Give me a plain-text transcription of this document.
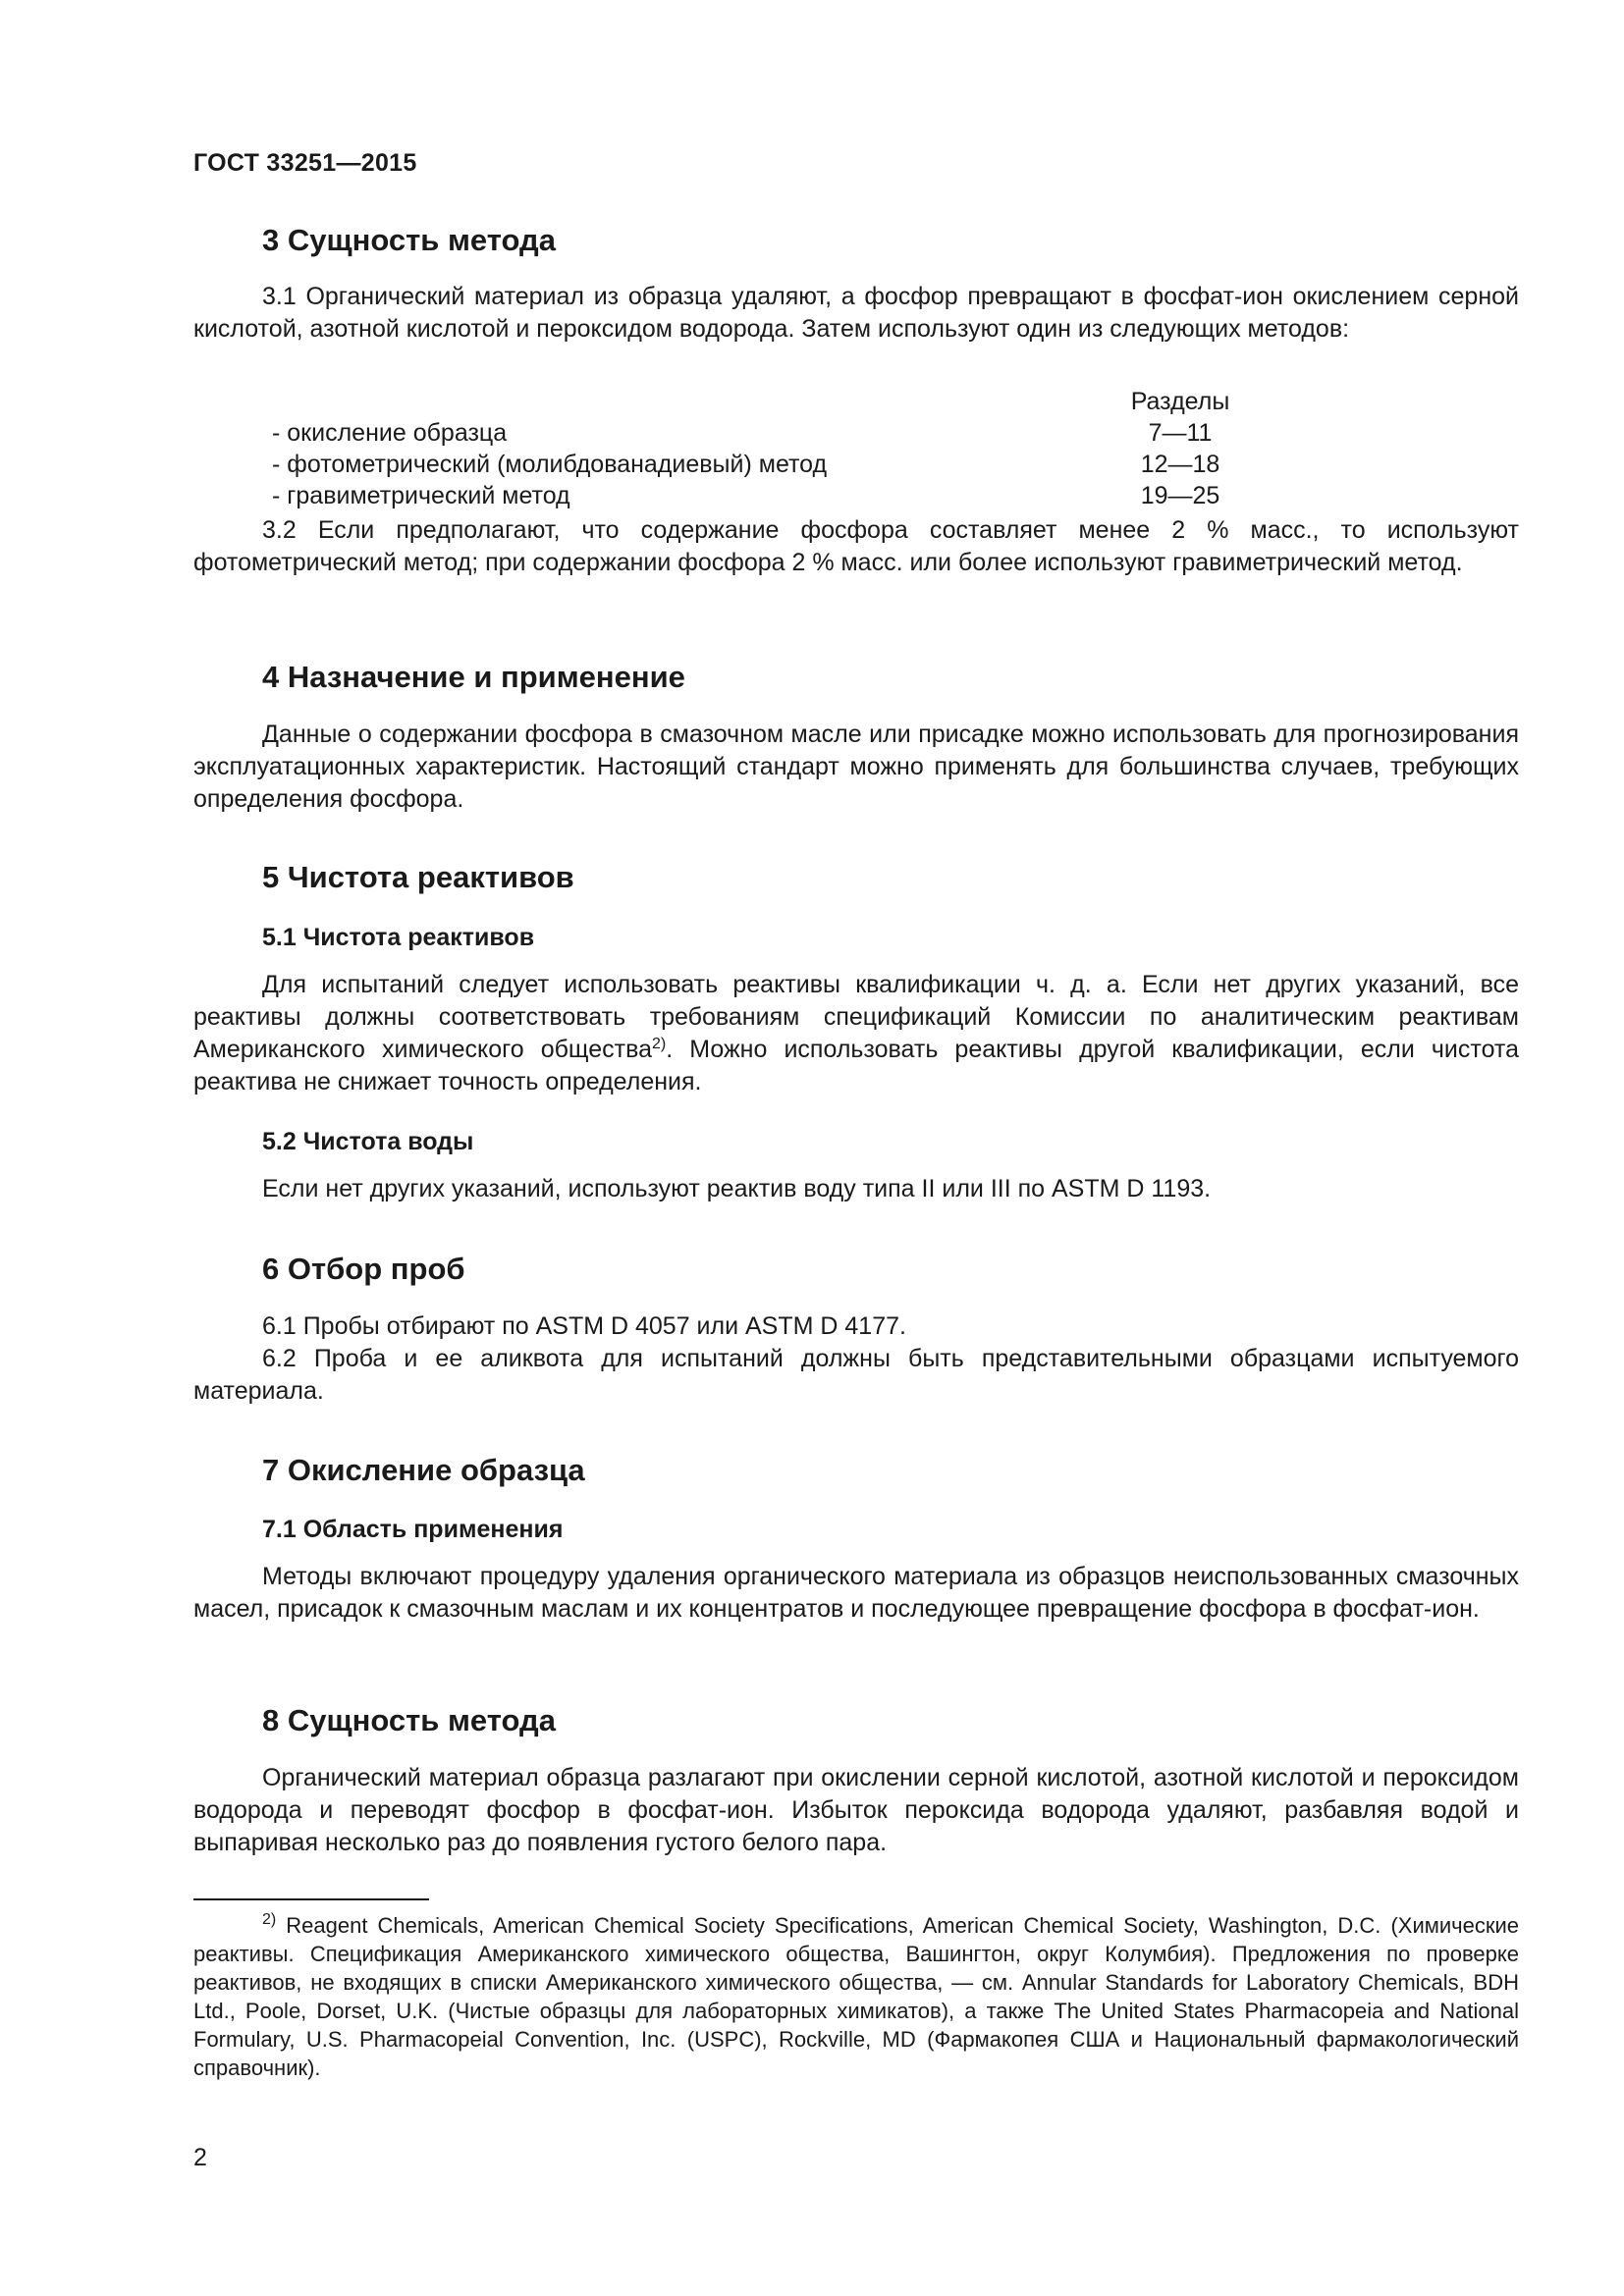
ГОСТ 33251—2015
3 Сущность метода

3.1 Органический материал из образца удаляют, а фосфор превращают в фосфат-ион окислением серной кислотой, азотной кислотой и пероксидом водорода. Затем используют один из следующих методов:

Разделы
- окисление образца	7—11
- фотометрический (молибдованадиевый) метод	12—18
- гравиметрический метод	19—25

3.2 Если предполагают, что содержание фосфора составляет менее 2 % масс., то используют фотометрический метод; при содержании фосфора 2 % масс. или более используют гравиметрический метод.

4 Назначение и применение

Данные о содержании фосфора в смазочном масле или присадке можно использовать для прогнозирования эксплуатационных характеристик. Настоящий стандарт можно применять для большинства случаев, требующих определения фосфора.

5 Чистота реактивов
5.1 Чистота реактивов

Для испытаний следует использовать реактивы квалификации ч. д. а. Если нет других указаний, все реактивы должны соответствовать требованиям спецификаций Комиссии по аналитическим реактивам Американского химического общества$^{2)}$. Можно использовать реактивы другой квалификации, если чистота реактива не снижает точность определения.

5.2 Чистота воды

Если нет других указаний, используют реактив воду типа II или III по ASTM D 1193.

6 Отбор проб

6.1 Пробы отбирают по ASTM D 4057 или ASTM D 4177.

6.2 Проба и ее аликвота для испытаний должны быть представительными образцами испытуемого материала.

7 Окисление образца
7.1 Область применения

Методы включают процедуру удаления органического материала из образцов неиспользованных смазочных масел, присадок к смазочным маслам и их концентратов и последующее превращение фосфора в фосфат-ион.

8 Сущность метода

Органический материал образца разлагают при окислении серной кислотой, азотной кислотой и пероксидом водорода и переводят фосфор в фосфат-ион. Избыток пероксида водорода удаляют, разбавляя водой и выпаривая несколько раз до появления густого белого пара.

$^{2)}$ Reagent Chemicals, American Chemical Society Specifications, American Chemical Society, Washington, D.C. (Химические реактивы. Спецификация Американского химического общества, Вашингтон, округ Колумбия). Предложения по проверке реактивов, не входящих в списки Американского химического общества, — см. Annular Standards for Laboratory Chemicals, BDH Ltd., Poole, Dorset, U.K. (Чистые образцы для лабораторных химикатов), а также The United States Pharmacopeia and National Formulary, U.S. Pharmacopeial Convention, Inc. (USPC), Rockville, MD (Фармакопея США и Национальный фармакологический справочник).
2
